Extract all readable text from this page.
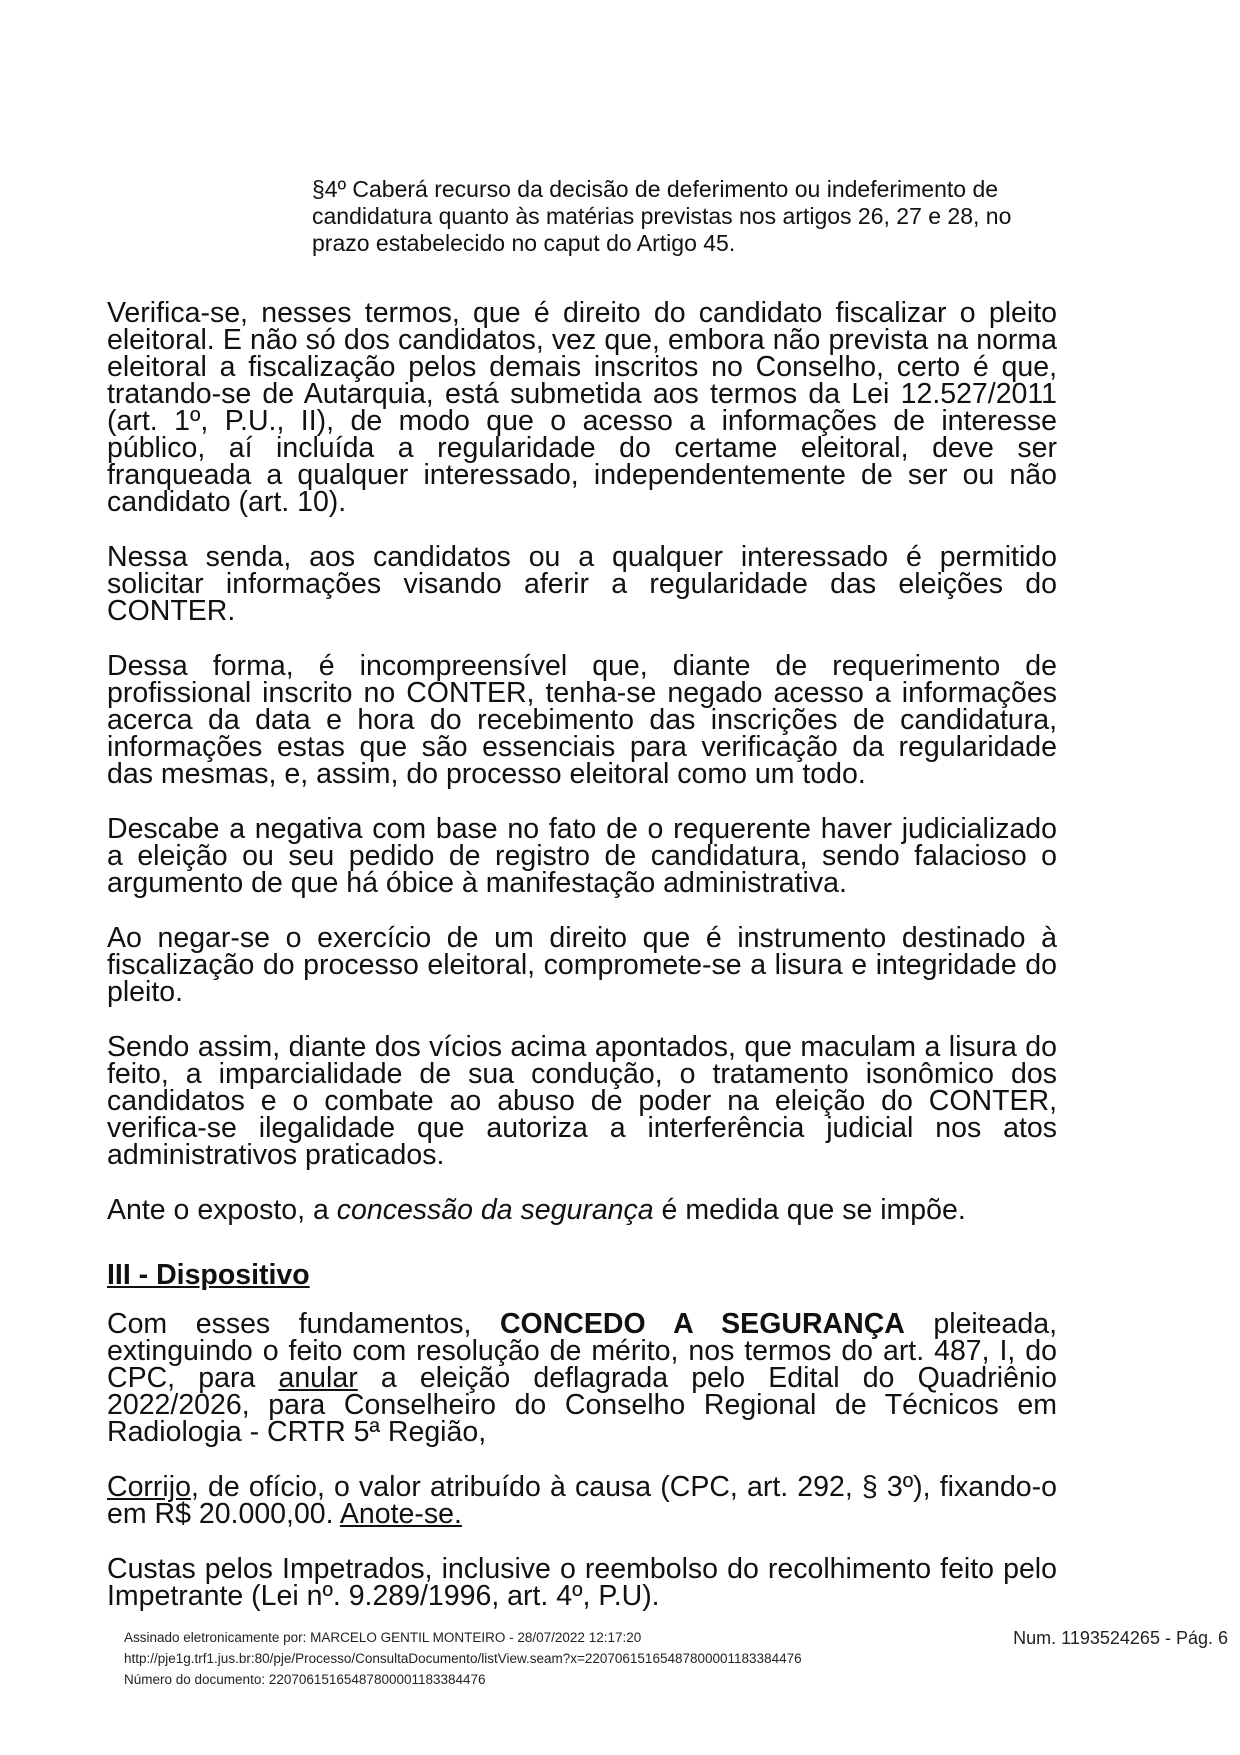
§4º Caberá recurso da decisão de deferimento ou indeferimento de candidatura quanto às matérias previstas nos artigos 26, 27 e 28, no prazo estabelecido no caput do Artigo 45.

Verifica-se, nesses termos, que é direito do candidato fiscalizar o pleito eleitoral. E não só dos candidatos, vez que, embora não prevista na norma eleitoral a fiscalização pelos demais inscritos no Conselho, certo é que, tratando-se de Autarquia, está submetida aos termos da Lei 12.527/2011 (art. 1º, P.U., II), de modo que o acesso a informações de interesse público, aí incluída a regularidade do certame eleitoral, deve ser franqueada a qualquer interessado, independentemente de ser ou não candidato (art. 10).

Nessa senda, aos candidatos ou a qualquer interessado é permitido solicitar informações visando aferir a regularidade das eleições do CONTER.

Dessa forma, é incompreensível que, diante de requerimento de profissional inscrito no CONTER, tenha-se negado acesso a informações acerca da data e hora do recebimento das inscrições de candidatura, informações estas que são essenciais para verificação da regularidade das mesmas, e, assim, do processo eleitoral como um todo.

Descabe a negativa com base no fato de o requerente haver judicializado a eleição ou seu pedido de registro de candidatura, sendo falacioso o argumento de que há óbice à manifestação administrativa.

Ao negar-se o exercício de um direito que é instrumento destinado à fiscalização do processo eleitoral, compromete-se a lisura e integridade do pleito.

Sendo assim, diante dos vícios acima apontados, que maculam a lisura do feito, a imparcialidade de sua condução, o tratamento isonômico dos candidatos e o combate ao abuso de poder na eleição do CONTER, verifica-se ilegalidade que autoriza a interferência judicial nos atos administrativos praticados.

Ante o exposto, a concessão da segurança é medida que se impõe.

III - Dispositivo

Com esses fundamentos, CONCEDO A SEGURANÇA pleiteada, extinguindo o feito com resolução de mérito, nos termos do art. 487, I, do CPC, para anular a eleição deflagrada pelo Edital do Quadriênio 2022/2026, para Conselheiro do Conselho Regional de Técnicos em Radiologia - CRTR 5ª Região,

Corrijo, de ofício, o valor atribuído à causa (CPC, art. 292, § 3º), fixando-o em R$ 20.000,00. Anote-se.

Custas pelos Impetrados, inclusive o reembolso do recolhimento feito pelo Impetrante (Lei nº. 9.289/1996, art. 4º, P.U).

Assinado eletronicamente por: MARCELO GENTIL MONTEIRO - 28/07/2022 12:17:20
http://pje1g.trf1.jus.br:80/pje/Processo/ConsultaDocumento/listView.seam?x=22070615165487800001183384476
Número do documento: 22070615165487800001183384476
Num. 1193524265 - Pág. 6
